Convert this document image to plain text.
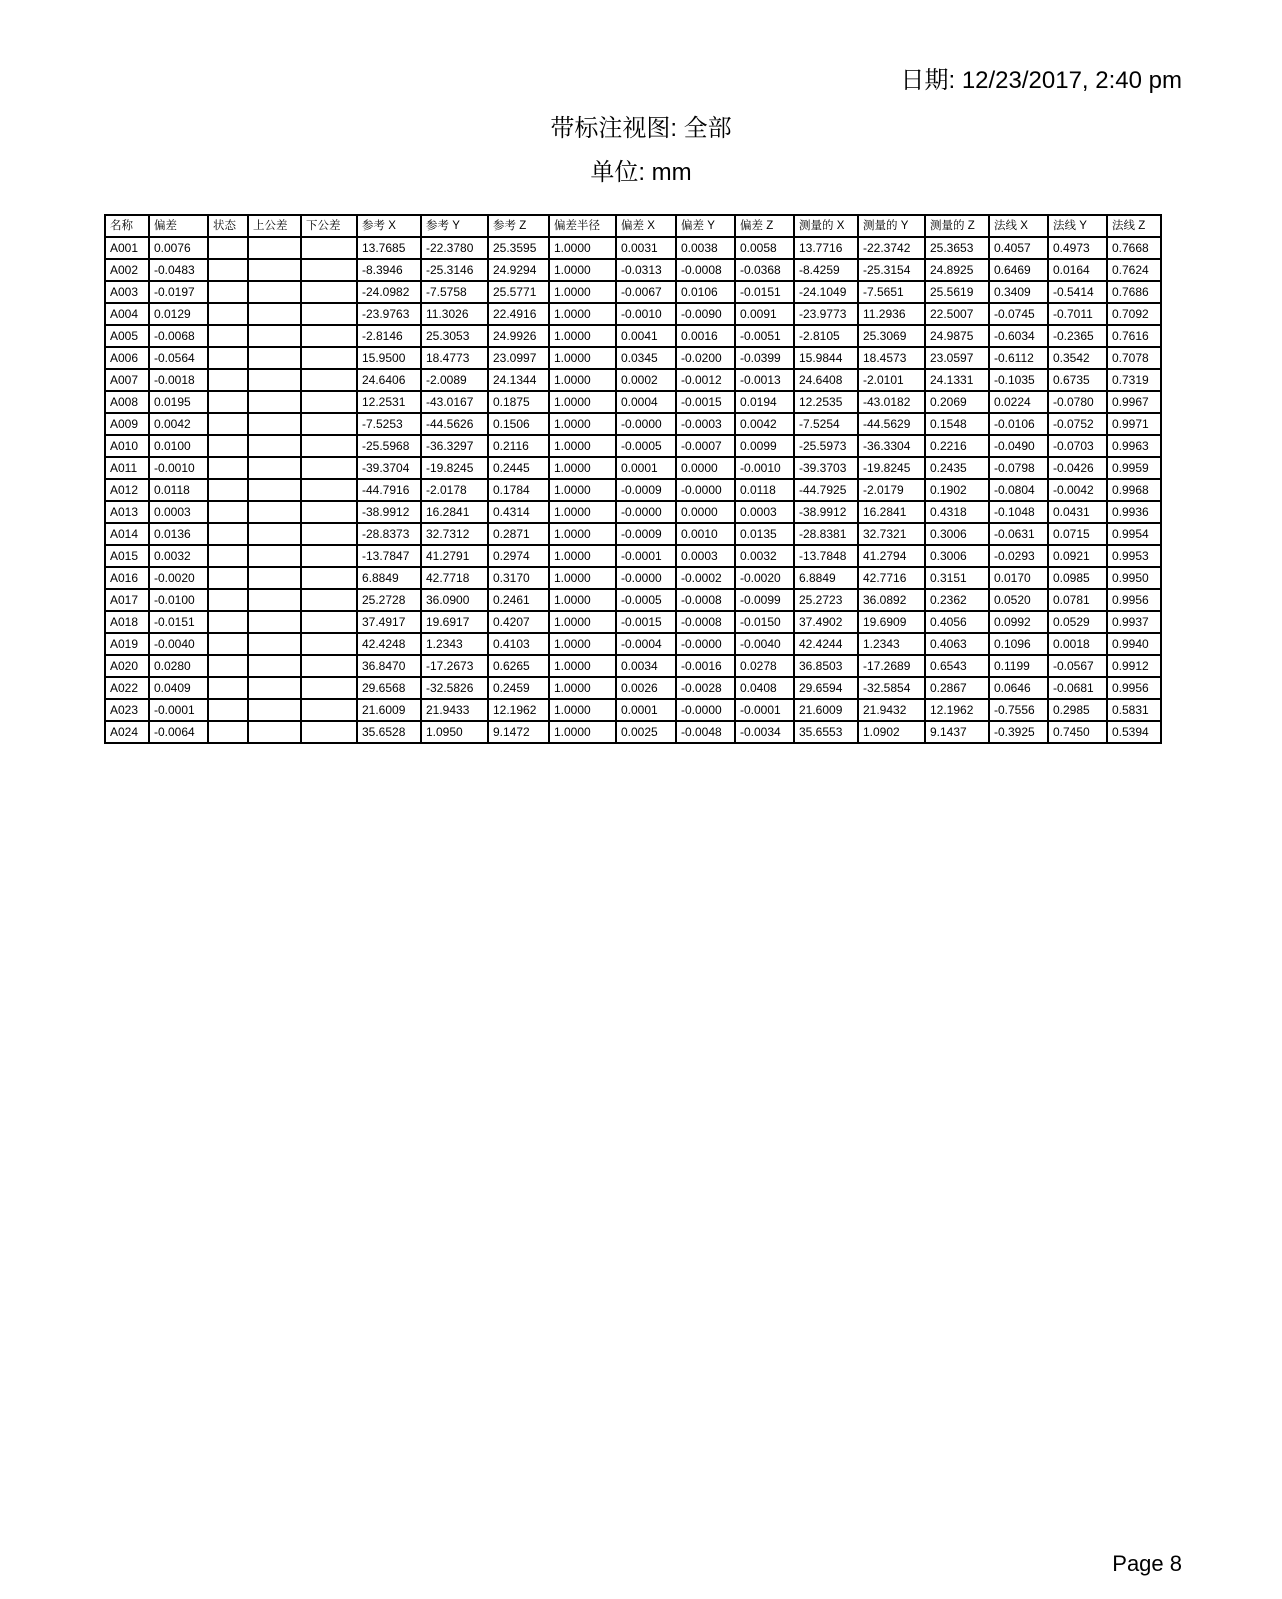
日期: 12/23/2017, 2:40 pm
带标注视图: 全部
单位: mm
名称	偏差	状态	上公差	下公差	参考 X	参考 Y	参考 Z	偏差半径	偏差 X	偏差 Y	偏差 Z	测量的 X	测量的 Y	测量的 Z	法线 X	法线 Y	法线 Z
A001	0.0076				13.7685	-22.3780	25.3595	1.0000	0.0031	0.0038	0.0058	13.7716	-22.3742	25.3653	0.4057	0.4973	0.7668
A002	-0.0483				-8.3946	-25.3146	24.9294	1.0000	-0.0313	-0.0008	-0.0368	-8.4259	-25.3154	24.8925	0.6469	0.0164	0.7624
A003	-0.0197				-24.0982	-7.5758	25.5771	1.0000	-0.0067	0.0106	-0.0151	-24.1049	-7.5651	25.5619	0.3409	-0.5414	0.7686
A004	0.0129				-23.9763	11.3026	22.4916	1.0000	-0.0010	-0.0090	0.0091	-23.9773	11.2936	22.5007	-0.0745	-0.7011	0.7092
A005	-0.0068				-2.8146	25.3053	24.9926	1.0000	0.0041	0.0016	-0.0051	-2.8105	25.3069	24.9875	-0.6034	-0.2365	0.7616
A006	-0.0564				15.9500	18.4773	23.0997	1.0000	0.0345	-0.0200	-0.0399	15.9844	18.4573	23.0597	-0.6112	0.3542	0.7078
A007	-0.0018				24.6406	-2.0089	24.1344	1.0000	0.0002	-0.0012	-0.0013	24.6408	-2.0101	24.1331	-0.1035	0.6735	0.7319
A008	0.0195				12.2531	-43.0167	0.1875	1.0000	0.0004	-0.0015	0.0194	12.2535	-43.0182	0.2069	0.0224	-0.0780	0.9967
A009	0.0042				-7.5253	-44.5626	0.1506	1.0000	-0.0000	-0.0003	0.0042	-7.5254	-44.5629	0.1548	-0.0106	-0.0752	0.9971
A010	0.0100				-25.5968	-36.3297	0.2116	1.0000	-0.0005	-0.0007	0.0099	-25.5973	-36.3304	0.2216	-0.0490	-0.0703	0.9963
A011	-0.0010				-39.3704	-19.8245	0.2445	1.0000	0.0001	0.0000	-0.0010	-39.3703	-19.8245	0.2435	-0.0798	-0.0426	0.9959
A012	0.0118				-44.7916	-2.0178	0.1784	1.0000	-0.0009	-0.0000	0.0118	-44.7925	-2.0179	0.1902	-0.0804	-0.0042	0.9968
A013	0.0003				-38.9912	16.2841	0.4314	1.0000	-0.0000	0.0000	0.0003	-38.9912	16.2841	0.4318	-0.1048	0.0431	0.9936
A014	0.0136				-28.8373	32.7312	0.2871	1.0000	-0.0009	0.0010	0.0135	-28.8381	32.7321	0.3006	-0.0631	0.0715	0.9954
A015	0.0032				-13.7847	41.2791	0.2974	1.0000	-0.0001	0.0003	0.0032	-13.7848	41.2794	0.3006	-0.0293	0.0921	0.9953
A016	-0.0020				6.8849	42.7718	0.3170	1.0000	-0.0000	-0.0002	-0.0020	6.8849	42.7716	0.3151	0.0170	0.0985	0.9950
A017	-0.0100				25.2728	36.0900	0.2461	1.0000	-0.0005	-0.0008	-0.0099	25.2723	36.0892	0.2362	0.0520	0.0781	0.9956
A018	-0.0151				37.4917	19.6917	0.4207	1.0000	-0.0015	-0.0008	-0.0150	37.4902	19.6909	0.4056	0.0992	0.0529	0.9937
A019	-0.0040				42.4248	1.2343	0.4103	1.0000	-0.0004	-0.0000	-0.0040	42.4244	1.2343	0.4063	0.1096	0.0018	0.9940
A020	0.0280				36.8470	-17.2673	0.6265	1.0000	0.0034	-0.0016	0.0278	36.8503	-17.2689	0.6543	0.1199	-0.0567	0.9912
A022	0.0409				29.6568	-32.5826	0.2459	1.0000	0.0026	-0.0028	0.0408	29.6594	-32.5854	0.2867	0.0646	-0.0681	0.9956
A023	-0.0001				21.6009	21.9433	12.1962	1.0000	0.0001	-0.0000	-0.0001	21.6009	21.9432	12.1962	-0.7556	0.2985	0.5831
A024	-0.0064				35.6528	1.0950	9.1472	1.0000	0.0025	-0.0048	-0.0034	35.6553	1.0902	9.1437	-0.3925	0.7450	0.5394
Page 8
